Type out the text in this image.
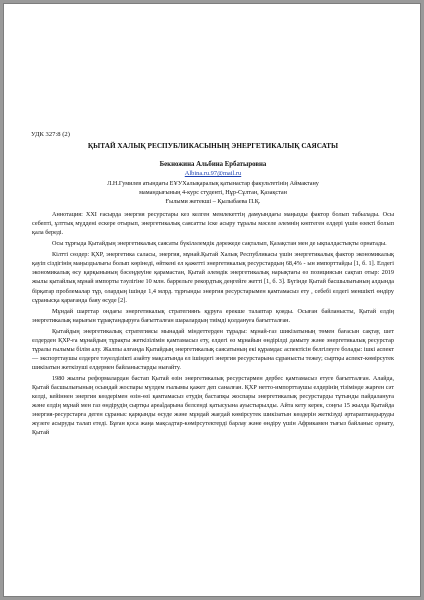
УДК 327:8 (2)
ҚЫТАЙ ХАЛЫҚ РЕСПУБЛИКАСЫНЫҢ ЭНЕРГЕТИКАЛЫҚ САЯСАТЫ
Бекножина Альбина Ербатыровна
Albina.ru.97@mail.ru
Л.Н.Гумилев атындағы ЕҰУХалықаралық қатынастар факультетінің Аймактану
мамандығының 4-курс студенті, Нұр-Сұлтан, Қазақстан
Ғылыми жетекші – Қылыбаева П.Қ.

Аннотация: XXI ғасырда энергия ресурстары кез келген мемлекеттің дамуындағы маңызды фактор болып табылады. Осы себепті, ұлттық мүддені ескере отырып, энергетикалық саясатты іске асыру тұралы мәселе әлемнің көптеген елдері үшін өзекті болып қала береді.

Осы тұрғыда Қытайдың энергетикалық саясаты бүкіләлемдік дәрежеде сақталып, Қазақстан мен де ықпалдастықты орнатады.

Кілтті сөздер: ҚХР, энергетика саласы, энергия, мұнай.Қытай Халық Республикасы үшін энергетикалық фактор экономикалық қауіп сіздігінің маңыздылығы болып көрінеді, өйткені ел қажетті энергетикалық ресурстардың 68,4% - ын импорттайды [1, б. 1]. Елдегі экономикалық өсу қарқынының бәсеңдеуіне қарамастан, Қытай әлемдік энергетикалық нарықтағы өз позициясын сақтап отыр: 2019 жылы қытайлық мұнай импорты тәулігіне 10 млн. баррельге рекордтық деңгейге жетті [1, б. 3]. Бүгінде Қытай басшылығының алдында бірқатар проблемалар тұр, олардың ішінде 1,4 млрд. тұрғынды энергия ресурстарымен қамтамасыз ету , себебі елдегі меншікті өндіру сұранысқа қарағанда баяу өсуде [2].

Мұндай шарттар ондағы энергетикалық стратегиянъ құруға ерекше талаптар қояды. Осыған байланысты, Қытай елдің энергетикалық нарығын тұрақтандыруға бағытталған шаралардың тиімді қолдануға бағытталған.

Қытайдың энергетикалық стратегиясы мынадай міндеттерден тұрады: мұнай-газ шикізатының төмен бағасын сақтау, шет елдерден ҚХР-ға мұнайдың тұрақты жеткізілімін қамтамасыз ету, елдегі өз мұнайын өндірілді дамыту және энергетикалық ресурстар тұралы ғылымы білім алу. Жалпы алғанда Қытайдың энергетикалық саясатының екі құрамдас аспектісін белгілеуге болады: ішкі аспект — экспорттаушы елдерге тәуелділікті азайту мақсатында ел ішіндегі энергия ресурстарына сұранысты тежеу; сыртқы аспект-көмірсутек шикізатын жеткізуші елдермен байланыстарды нығайту.

1980 жылғы реформалардан бастап Қытай өзін энергетикалық ресурстармен дербес қамтамасыз етуге бағытталған. Алайда, Қытай басшылығының осындай жоспары мүлдем ғылымы қажет деп саналған. ҚХР нетто-импорттаушы елдерінің тізімінде жарғен сәт келді, кейіннен энергия көздерімен өзін-өзі қамтамасыз етудің бастапқы жоспары энергетикалық ресурстарды тұтынды пайдалануға және елдің мұнай мен газ өндірудің сыртқы арealдарына белсенді қатысуына ауыстырылды. Айта кету керек, соңғы 15 жылда Қытайда энергия-ресурстарға деген сұраныс қарқынды өсуде және мұндай жағдай көмірсутек шикізатын көздерін жеткізуді әртараптандыруды жүзеге асыруды талап етеді. Бұған қоса жаңа мақсадтар-көмірсутектерді барлау және өндіру үшін Африкамен тығыз байланыс орнату, Қытай
